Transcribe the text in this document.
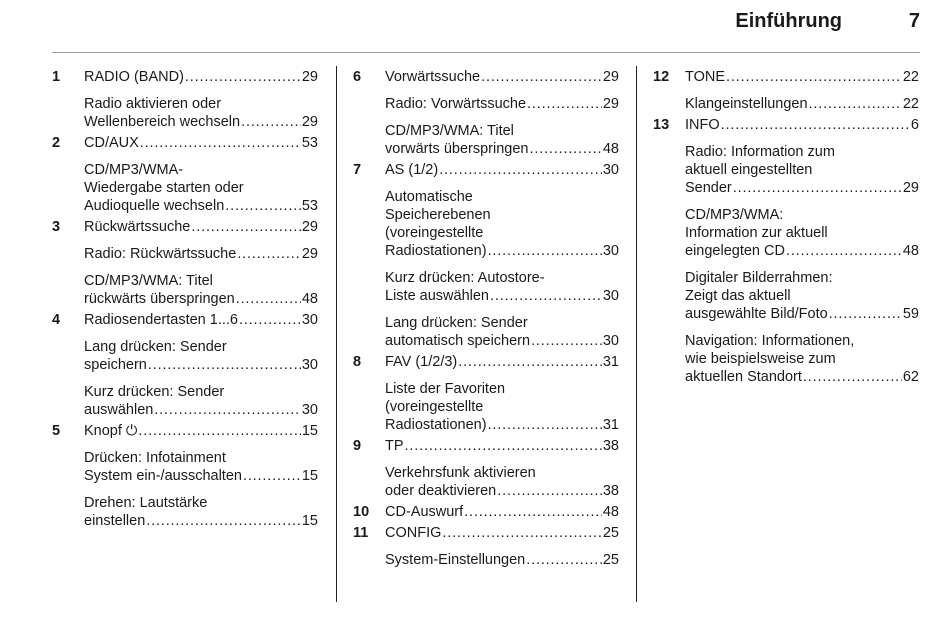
Einführung	7
1 RADIO (BAND) . . .	29
Radio aktivieren oder
Wellenbereich wechseln . . .	29
2 CD/AUX . . .	53
CD/MP3/WMA-
Wiedergabe starten oder
Audioquelle wechseln . . .	53
3 Rückwärtssuche . . .	29
Radio: Rückwärtssuche . . .	29
CD/MP3/WMA: Titel
rückwärts überspringen . . .	48
4 Radiosendertasten 1...6 . . .	30
Lang drücken: Sender
speichern . . .	30
Kurz drücken: Sender
auswählen . . .	30
5 Knopf ⏻ . . .	15
Drücken: Infotainment
System ein-/ausschalten . . .	15
Drehen: Lautstärke
einstellen . . .	15
6 Vorwärtssuche . . .	29
Radio: Vorwärtssuche . . .	29
CD/MP3/WMA: Titel
vorwärts überspringen . . .	48
7 AS (1/2) . . .	30
Automatische
Speicherebenen
(voreingestellte
Radiostationen) . . .	30
Kurz drücken: Autostore-
Liste auswählen . . .	30
Lang drücken: Sender
automatisch speichern . . .	30
8 FAV (1/2/3) . . .	31
Liste der Favoriten
(voreingestellte
Radiostationen) . . .	31
9 TP . . .	38
Verkehrsfunk aktivieren
oder deaktivieren . . .	38
10 CD-Auswurf . . .	48
11 CONFIG . . .	25
System-Einstellungen . . .	25
12 TONE . . .	22
Klangeinstellungen . . .	22
13 INFO . . .	6
Radio: Information zum
aktuell eingestellten
Sender . . .	29
CD/MP3/WMA:
Information zur aktuell
eingelegten CD . . .	48
Digitaler Bilderrahmen:
Zeigt das aktuell
ausgewählte Bild/Foto . . .	59
Navigation: Informationen,
wie beispielsweise zum
aktuellen Standort . . .	62
